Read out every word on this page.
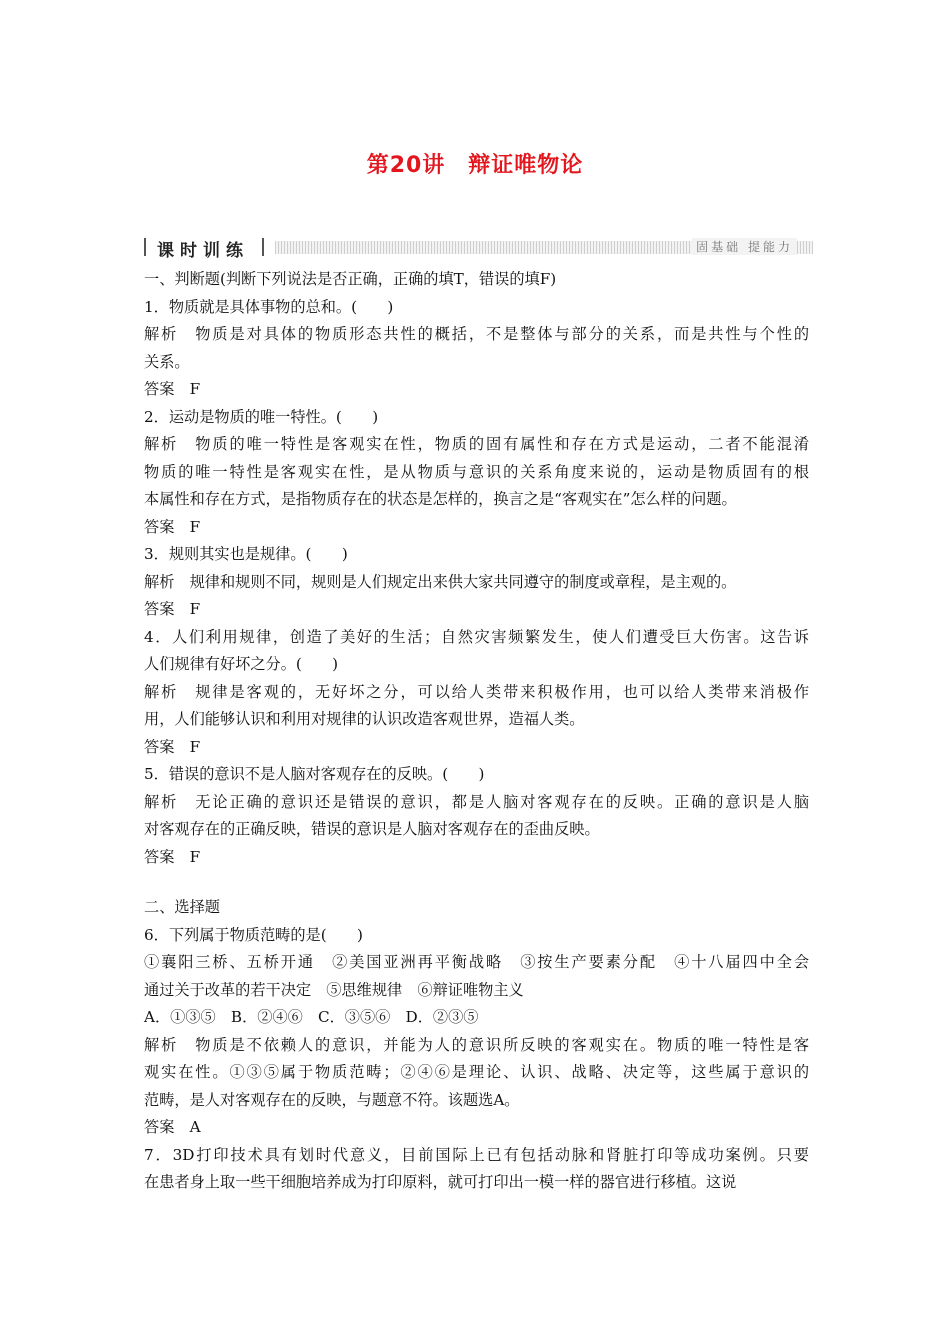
第20讲　辩证唯物论
课时训练	固基础 提能力
一、判断题(判断下列说法是否正确，正确的填T，错误的填F)
1．物质就是具体事物的总和。(　　)
解析　物质是对具体的物质形态共性的概括，不是整体与部分的关系，而是共性与个性的
关系。
答案　F
2．运动是物质的唯一特性。(　　)
解析　物质的唯一特性是客观实在性，物质的固有属性和存在方式是运动，二者不能混淆
物质的唯一特性是客观实在性，是从物质与意识的关系角度来说的，运动是物质固有的根
本属性和存在方式，是指物质存在的状态是怎样的，换言之是“客观实在”怎么样的问题。
答案　F
3．规则其实也是规律。(　　)
解析　规律和规则不同，规则是人们规定出来供大家共同遵守的制度或章程，是主观的。
答案　F
4．人们利用规律，创造了美好的生活；自然灾害频繁发生，使人们遭受巨大伤害。这告诉
人们规律有好坏之分。(　　)
解析　规律是客观的，无好坏之分，可以给人类带来积极作用，也可以给人类带来消极作
用，人们能够认识和利用对规律的认识改造客观世界，造福人类。
答案　F
5．错误的意识不是人脑对客观存在的反映。(　　)
解析　无论正确的意识还是错误的意识，都是人脑对客观存在的反映。正确的意识是人脑
对客观存在的正确反映，错误的意识是人脑对客观存在的歪曲反映。
答案　F
二、选择题
6．下列属于物质范畴的是(　　)
①襄阳三桥、五桥开通　②美国亚洲再平衡战略　③按生产要素分配　④十八届四中全会
通过关于改革的若干决定　⑤思维规律　⑥辩证唯物主义
A．①③⑤　B．②④⑥　C．③⑤⑥　D．②③⑤
解析　物质是不依赖人的意识，并能为人的意识所反映的客观实在。物质的唯一特性是客
观实在性。①③⑤属于物质范畴；②④⑥是理论、认识、战略、决定等，这些属于意识的
范畴，是人对客观存在的反映，与题意不符。该题选A。
答案　A
7．3D打印技术具有划时代意义，目前国际上已有包括动脉和肾脏打印等成功案例。只要
在患者身上取一些干细胞培养成为打印原料，就可打印出一模一样的器官进行移植。这说
